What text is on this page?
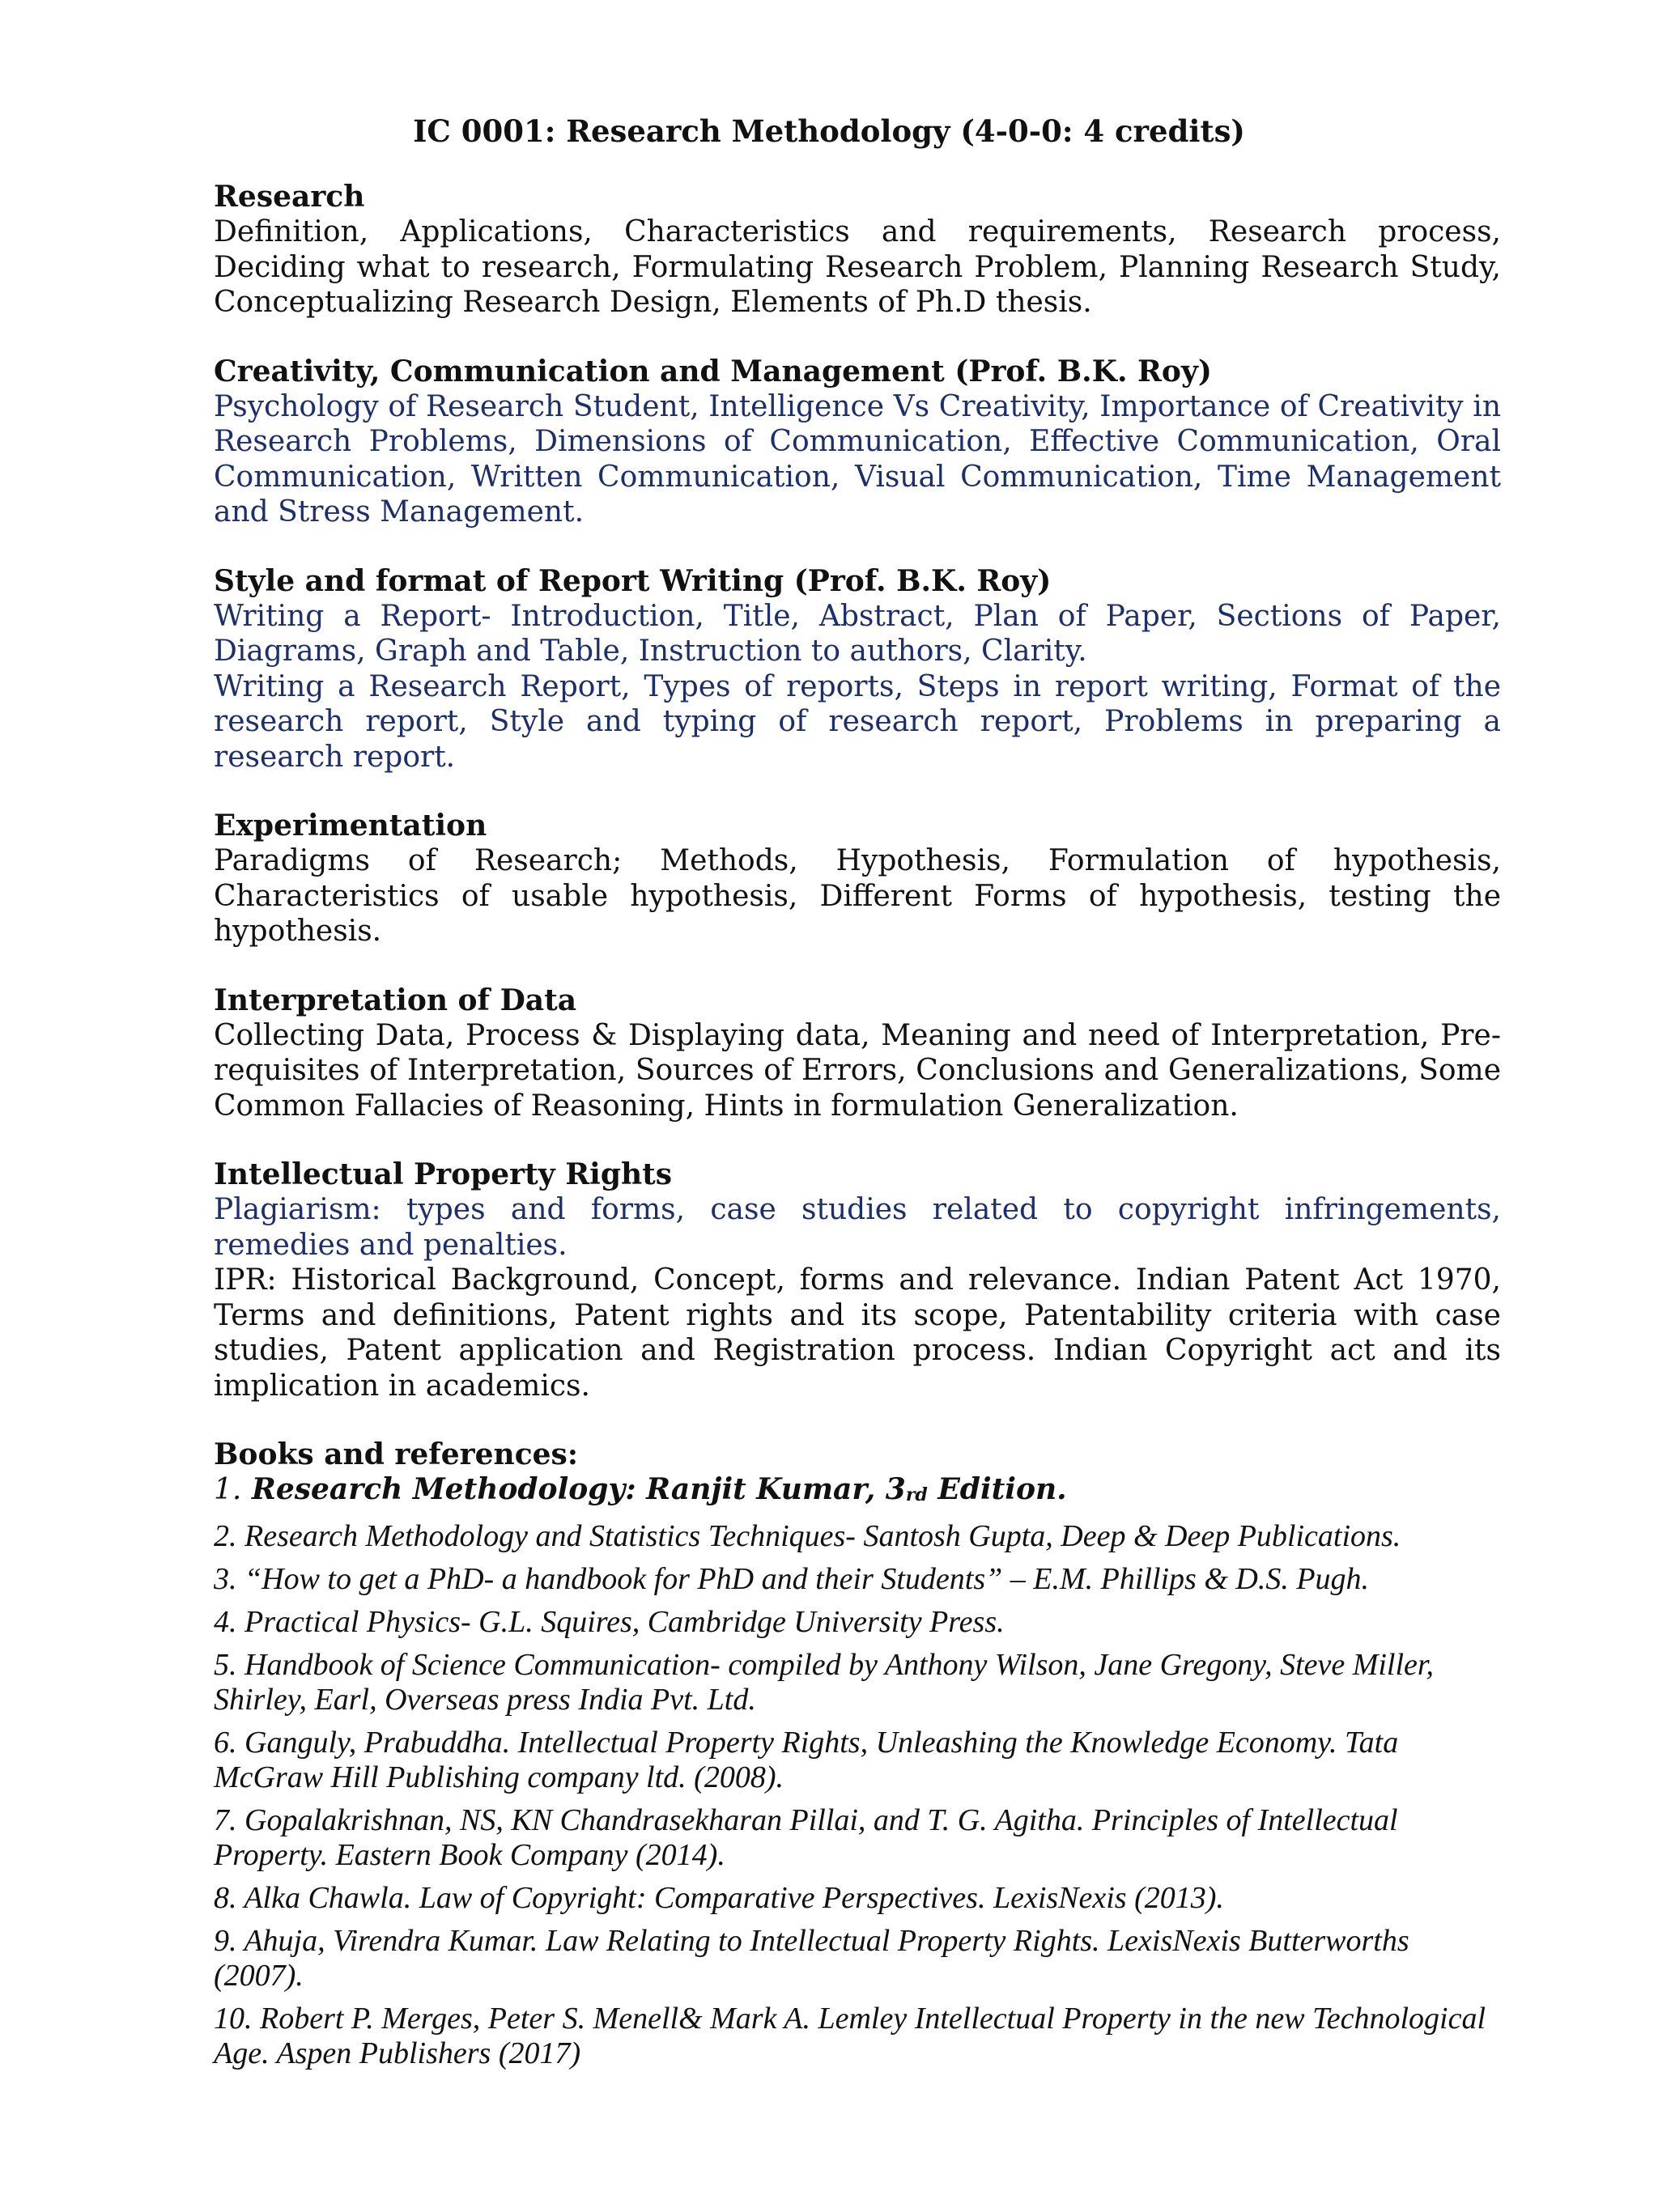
IC 0001: Research Methodology (4-0-0: 4 credits)

Research

Definition, Applications, Characteristics and requirements, Research process, Deciding what to research, Formulating Research Problem, Planning Research Study, Conceptualizing Research Design, Elements of Ph.D thesis.

Creativity, Communication and Management (Prof. B.K. Roy)

Psychology of Research Student, Intelligence Vs Creativity, Importance of Creativity in Research Problems, Dimensions of Communication, Effective Communication, Oral Communication, Written Communication, Visual Communication, Time Management and Stress Management.

Style and format of Report Writing (Prof. B.K. Roy)

Writing a Report- Introduction, Title, Abstract, Plan of Paper, Sections of Paper, Diagrams, Graph and Table, Instruction to authors, Clarity.

Writing a Research Report, Types of reports, Steps in report writing, Format of the research report, Style and typing of research report, Problems in preparing a research report.

Experimentation

Paradigms of Research; Methods, Hypothesis, Formulation of hypothesis, Characteristics of usable hypothesis, Different Forms of hypothesis, testing the hypothesis.

Interpretation of Data

Collecting Data, Process & Displaying data, Meaning and need of Interpretation, Pre-requisites of Interpretation, Sources of Errors, Conclusions and Generalizations, Some Common Fallacies of Reasoning, Hints in formulation Generalization.

Intellectual Property Rights

Plagiarism: types and forms, case studies related to copyright infringements, remedies and penalties.

IPR: Historical Background, Concept, forms and relevance. Indian Patent Act 1970, Terms and definitions, Patent rights and its scope, Patentability criteria with case studies, Patent application and Registration process. Indian Copyright act and its implication in academics.

Books and references:

1. Research Methodology: Ranjit Kumar, $3_{rd}$ Edition.

2. Research Methodology and Statistics Techniques- Santosh Gupta, Deep & Deep Publications.

3. “How to get a PhD- a handbook for PhD and their Students” – E.M. Phillips & D.S. Pugh.

4. Practical Physics- G.L. Squires, Cambridge University Press.

5. Handbook of Science Communication- compiled by Anthony Wilson, Jane Gregony, Steve Miller, Shirley, Earl, Overseas press India Pvt. Ltd.

6. Ganguly, Prabuddha. Intellectual Property Rights, Unleashing the Knowledge Economy. Tata McGraw Hill Publishing company ltd. (2008).

7. Gopalakrishnan, NS, KN Chandrasekharan Pillai, and T. G. Agitha. Principles of Intellectual Property. Eastern Book Company (2014).

8. Alka Chawla. Law of Copyright: Comparative Perspectives. LexisNexis (2013).

9. Ahuja, Virendra Kumar. Law Relating to Intellectual Property Rights. LexisNexis Butterworths (2007).

10. Robert P. Merges, Peter S. Menell& Mark A. Lemley Intellectual Property in the new Technological Age. Aspen Publishers (2017)
